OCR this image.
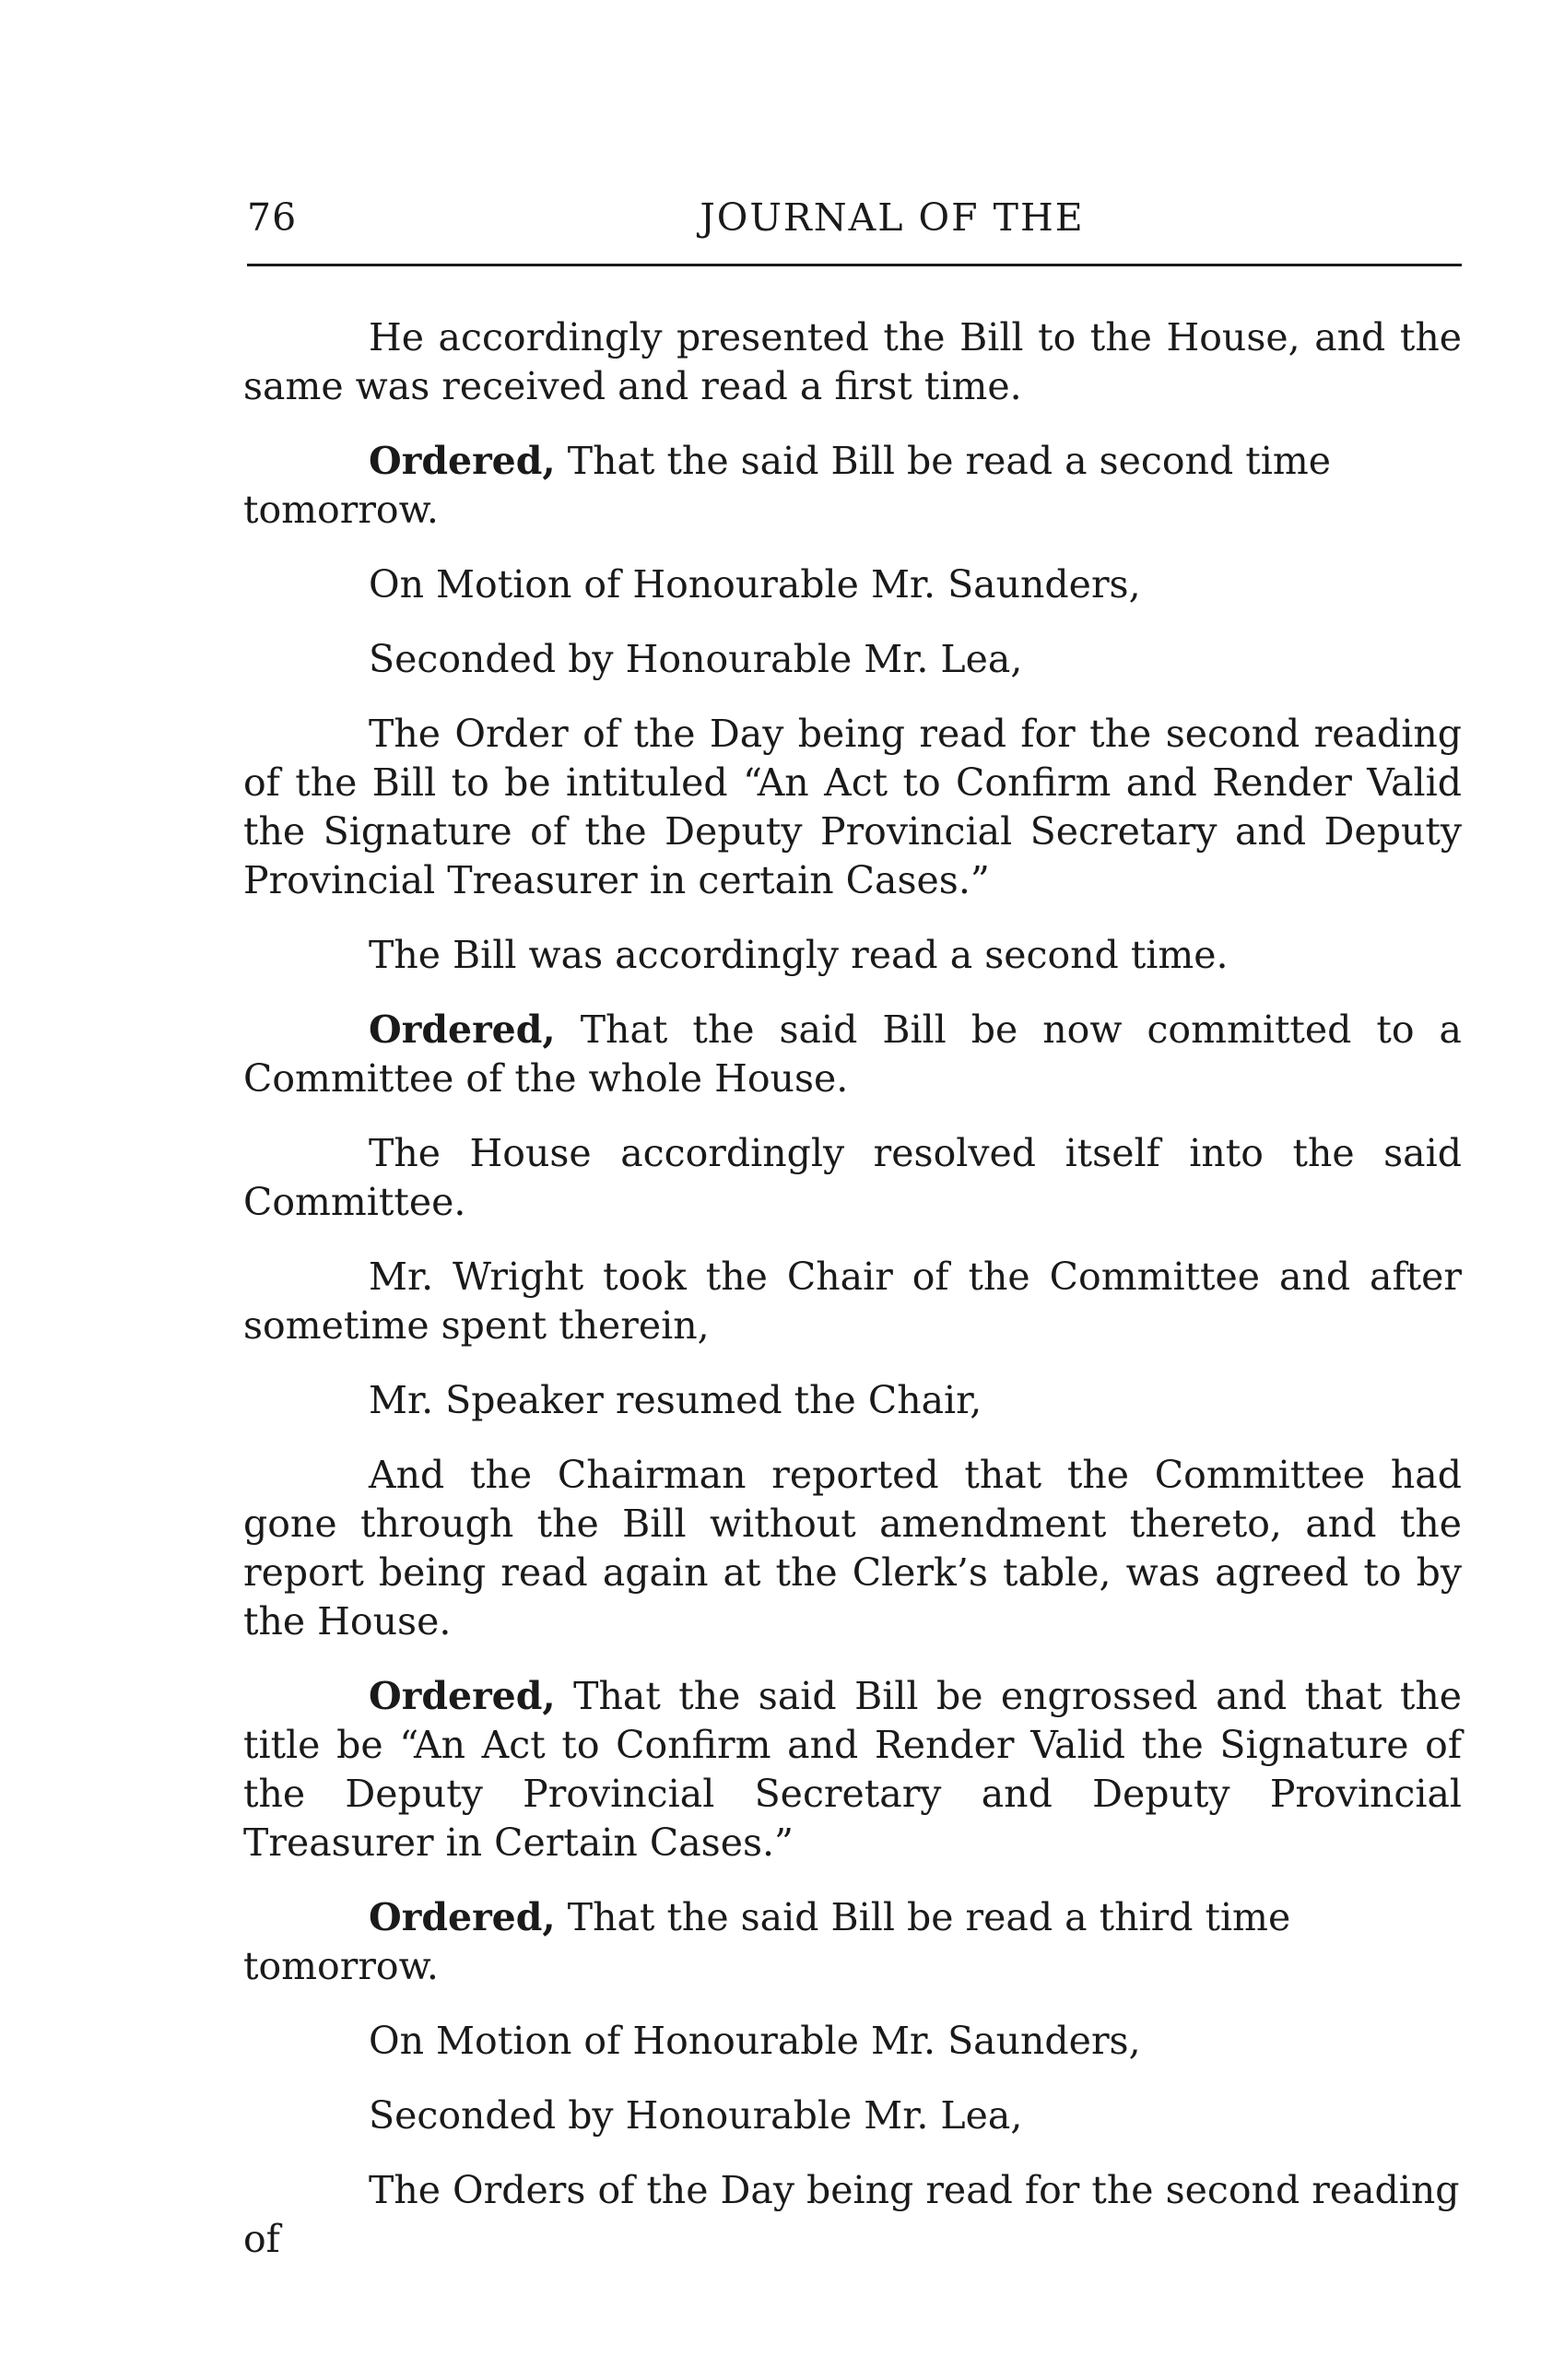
76	JOURNAL OF THE

He accordingly presented the Bill to the House, and the same was received and read a first time.

Ordered, That the said Bill be read a second time tomorrow.

On Motion of Honourable Mr. Saunders,

Seconded by Honourable Mr. Lea,

The Order of the Day being read for the second reading of the Bill to be intituled “An Act to Confirm and Render Valid the Signature of the Deputy Provincial Secretary and Deputy Provincial Treasurer in certain Cases.”

The Bill was accordingly read a second time.

Ordered, That the said Bill be now committed to a Committee of the whole House.

The House accordingly resolved itself into the said Committee.

Mr. Wright took the Chair of the Committee and after sometime spent therein,

Mr. Speaker resumed the Chair,

And the Chairman reported that the Committee had gone through the Bill without amendment thereto, and the report being read again at the Clerk’s table, was agreed to by the House.

Ordered, That the said Bill be engrossed and that the title be “An Act to Confirm and Render Valid the Signature of the Deputy Provincial Secretary and Deputy Provincial Treasurer in Certain Cases.”

Ordered, That the said Bill be read a third time tomorrow.

On Motion of Honourable Mr. Saunders,

Seconded by Honourable Mr. Lea,

The Orders of the Day being read for the second reading of
